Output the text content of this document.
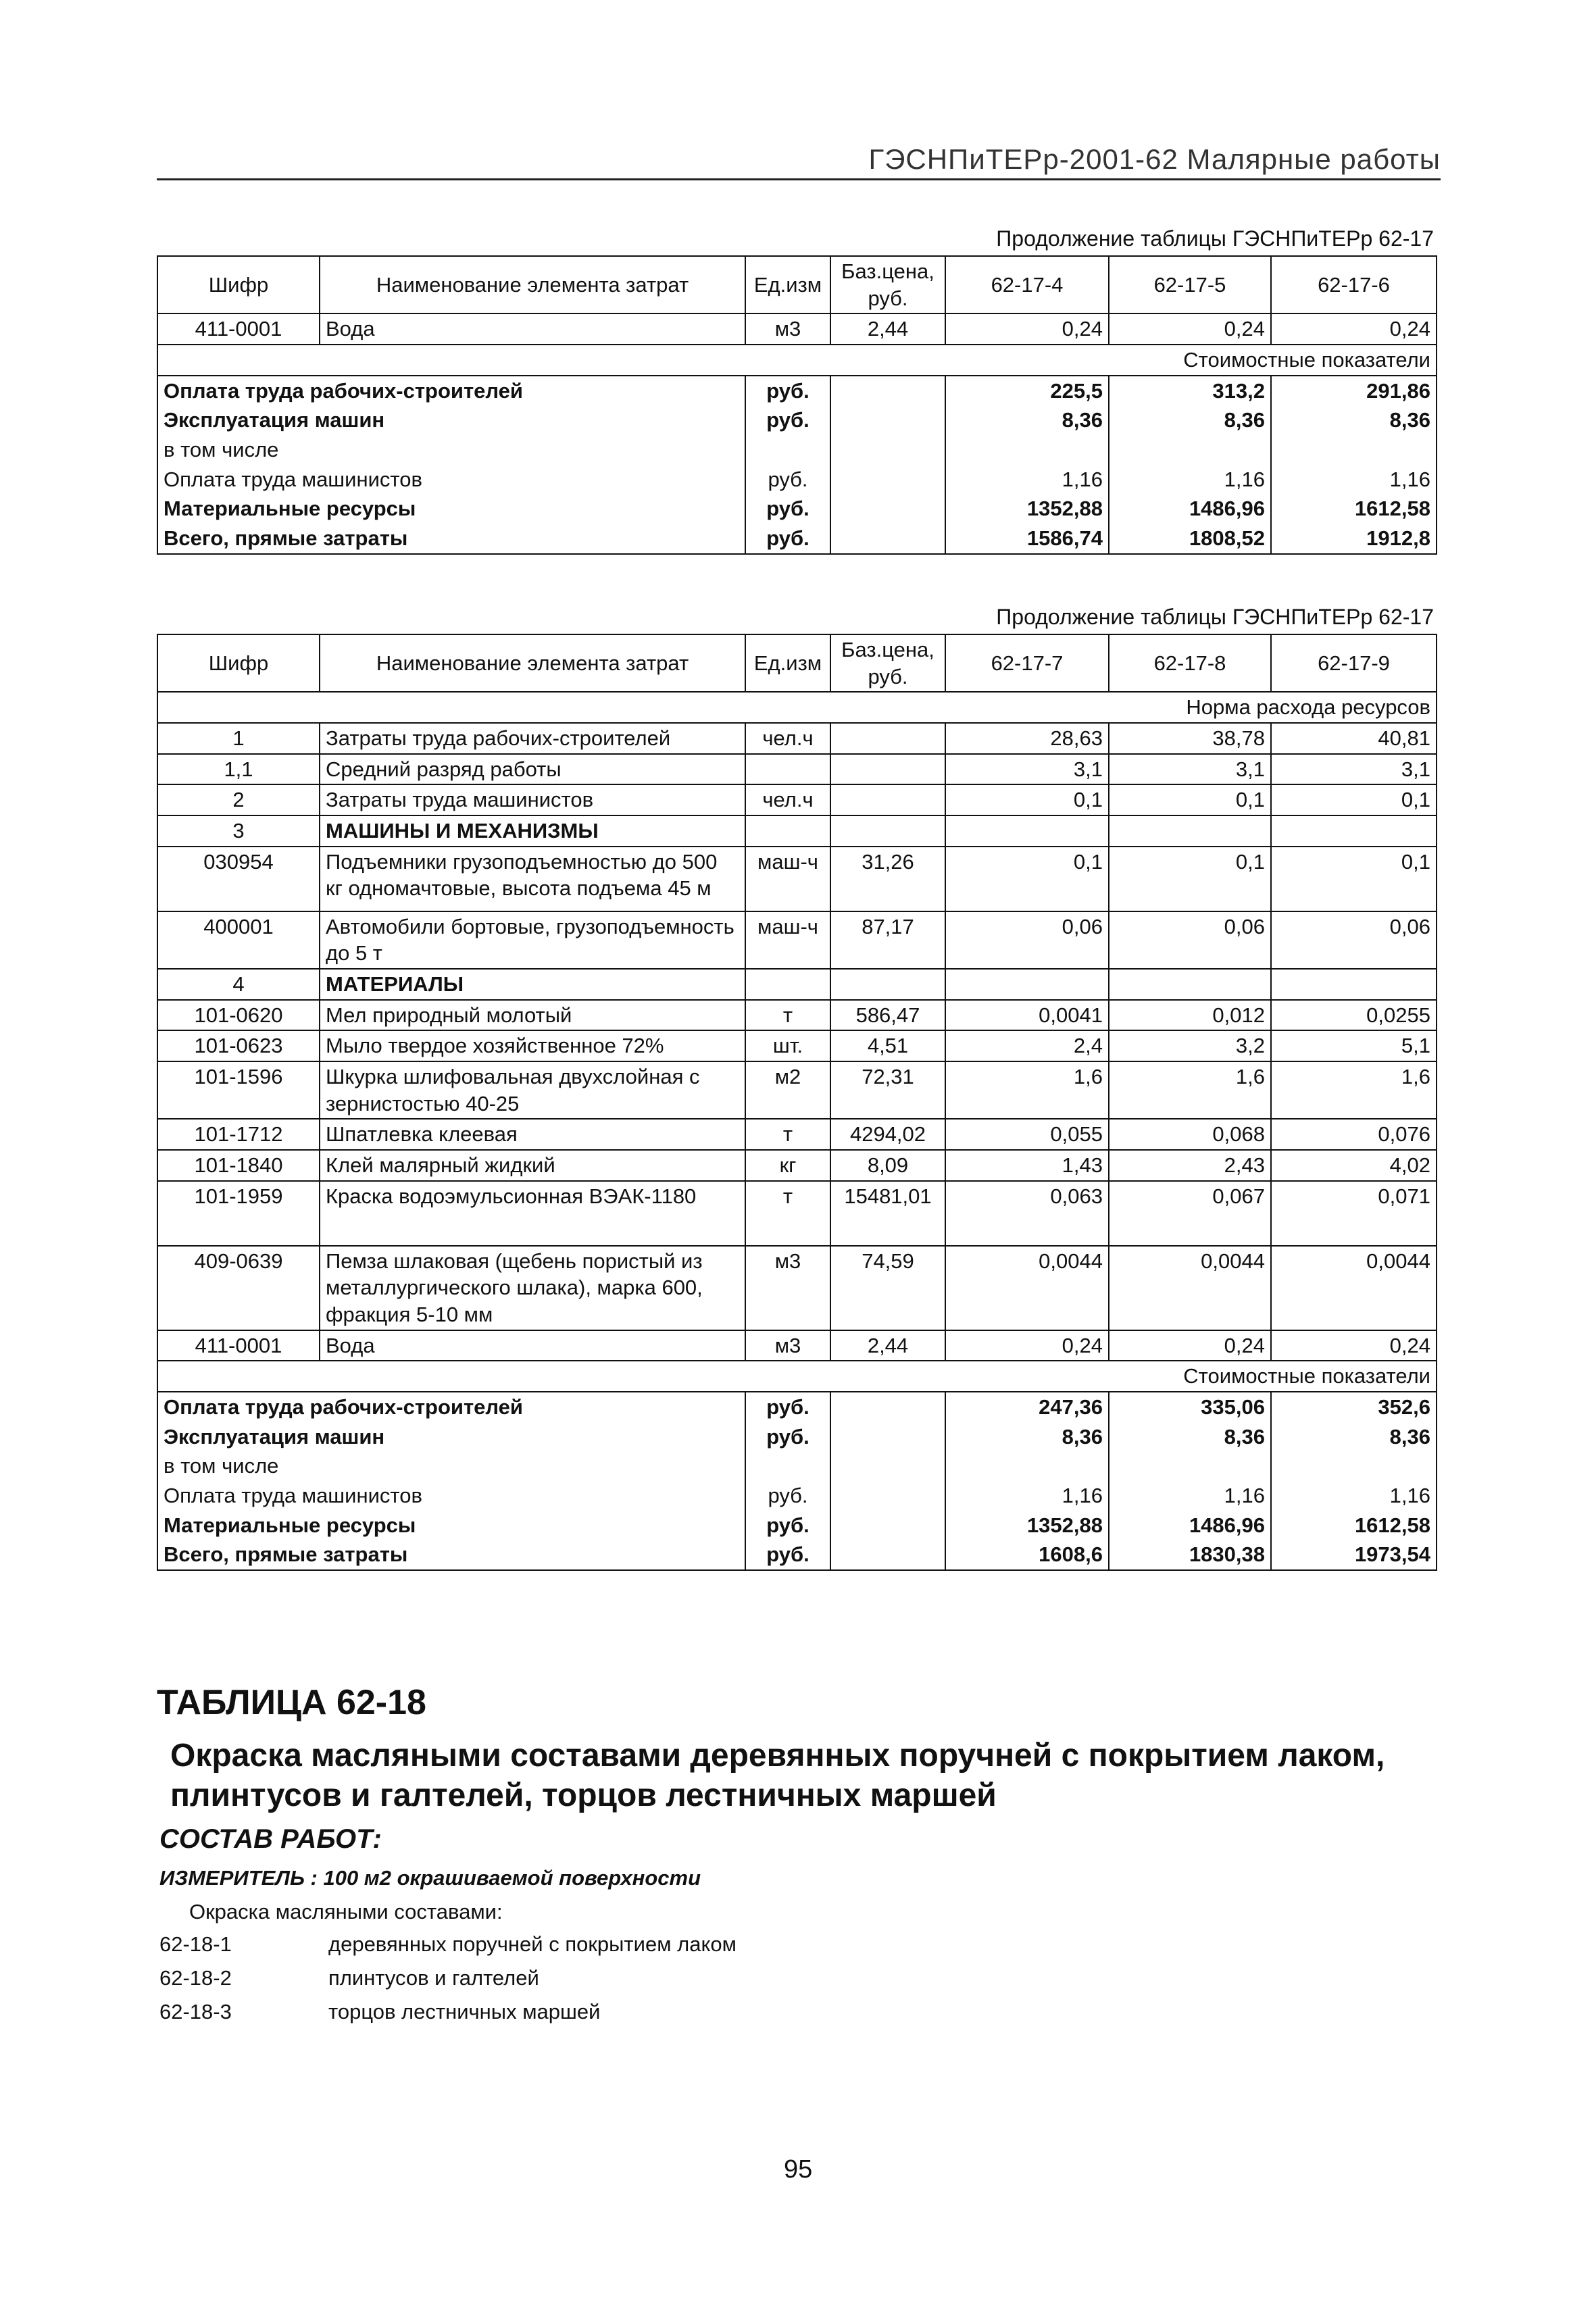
ГЭСНПиТЕРр-2001-62 Малярные работы
Продолжение таблицы ГЭСНПиТЕРр 62-17
Шифр	Наименование элемента затрат	Ед.изм	Баз.цена, руб.	62-17-4	62-17-5	62-17-6
411-0001	Вода	м3	2,44	0,24	0,24	0,24
Стоимостные показатели						
Оплата труда рабочих-строителей		руб.		225,5	313,2	291,86
Эксплуатация машин		руб.		8,36	8,36	8,36
в том числе						
Оплата труда машинистов		руб.		1,16	1,16	1,16
Материальные ресурсы		руб.		1352,88	1486,96	1612,58
Всего, прямые затраты		руб.		1586,74	1808,52	1912,8
Продолжение таблицы ГЭСНПиТЕРр 62-17
Шифр	Наименование элемента затрат	Ед.изм	Баз.цена, руб.	62-17-7	62-17-8	62-17-9
Норма расхода ресурсов						
1	Затраты труда рабочих-строителей	чел.ч		28,63	38,78	40,81
1,1	Средний разряд работы			3,1	3,1	3,1
2	Затраты труда машинистов	чел.ч		0,1	0,1	0,1
3	МАШИНЫ И МЕХАНИЗМЫ					
030954	Подъемники грузоподъемностью до 500 кг одномачтовые, высота подъема 45 м	маш-ч	31,26	0,1	0,1	0,1
400001	Автомобили бортовые, грузоподъемность до 5 т	маш-ч	87,17	0,06	0,06	0,06
4	МАТЕРИАЛЫ					
101-0620	Мел природный молотый	т	586,47	0,0041	0,012	0,0255
101-0623	Мыло твердое хозяйственное 72%	шт.	4,51	2,4	3,2	5,1
101-1596	Шкурка шлифовальная двухслойная с зернистостью 40-25	м2	72,31	1,6	1,6	1,6
101-1712	Шпатлевка клеевая	т	4294,02	0,055	0,068	0,076
101-1840	Клей малярный жидкий	кг	8,09	1,43	2,43	4,02
101-1959	Краска водоэмульсионная ВЭАК-1180	т	15481,01	0,063	0,067	0,071
409-0639	Пемза шлаковая (щебень пористый из металлургического шлака), марка 600, фракция 5-10 мм	м3	74,59	0,0044	0,0044	0,0044
411-0001	Вода	м3	2,44	0,24	0,24	0,24
Стоимостные показатели						
Оплата труда рабочих-строителей		руб.		247,36	335,06	352,6
Эксплуатация машин		руб.		8,36	8,36	8,36
в том числе						
Оплата труда машинистов		руб.		1,16	1,16	1,16
Материальные ресурсы		руб.		1352,88	1486,96	1612,58
Всего, прямые затраты		руб.		1608,6	1830,38	1973,54
ТАБЛИЦА 62-18
Окраска масляными составами деревянных поручней с покрытием лаком, плинтусов и галтелей, торцов лестничных маршей
СОСТАВ РАБОТ:
ИЗМЕРИТЕЛЬ : 100 м2 окрашиваемой поверхности
Окраска масляными составами:
62-18-1	деревянных поручней с покрытием лаком
62-18-2	плинтусов и галтелей
62-18-3	торцов лестничных маршей
95
